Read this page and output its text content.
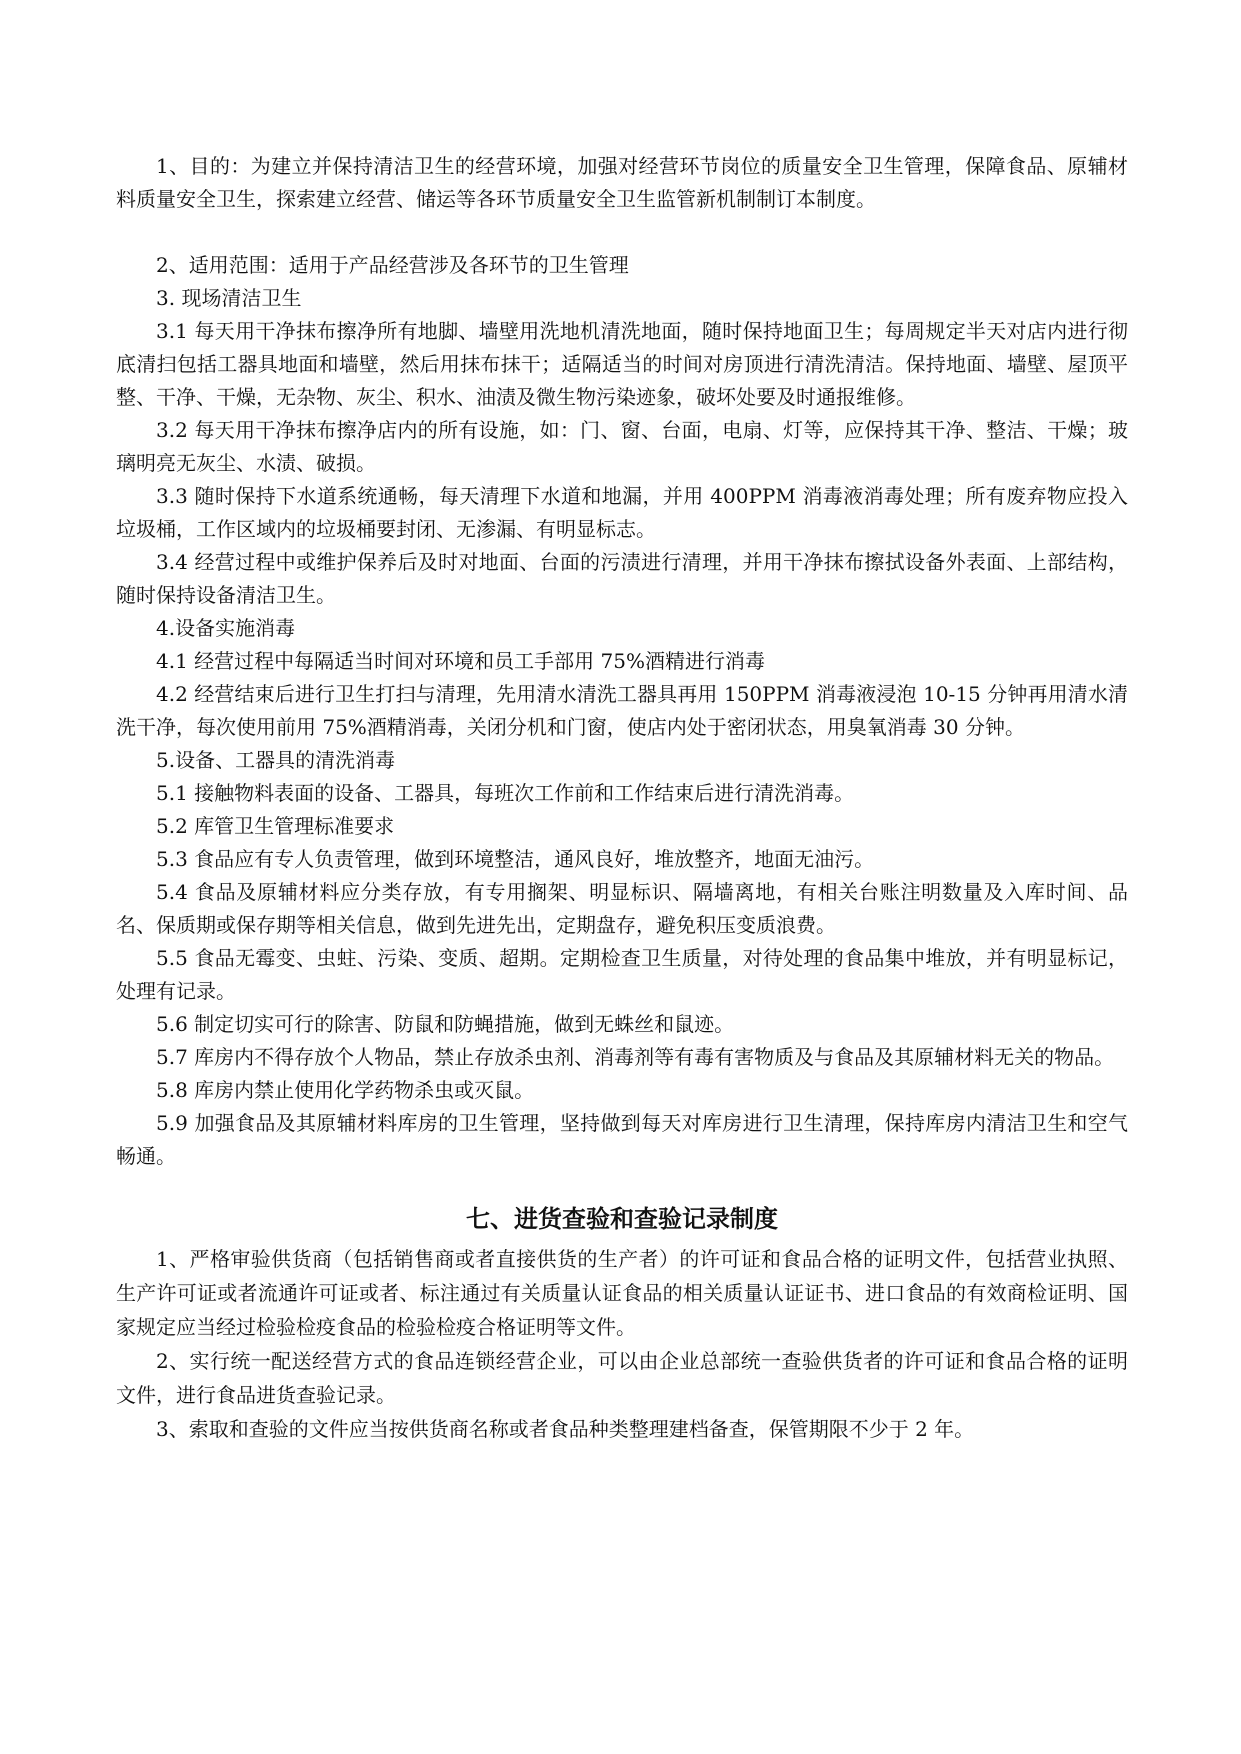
1、目的：为建立并保持清洁卫生的经营环境，加强对经营环节岗位的质量安全卫生管理，保障食品、原辅材料质量安全卫生，探索建立经营、储运等各环节质量安全卫生监管新机制制订本制度。

2、适用范围：适用于产品经营涉及各环节的卫生管理

3. 现场清洁卫生

3.1 每天用干净抹布擦净所有地脚、墙壁用洗地机清洗地面，随时保持地面卫生；每周规定半天对店内进行彻底清扫包括工器具地面和墙壁，然后用抹布抹干；适隔适当的时间对房顶进行清洗清洁。保持地面、墙壁、屋顶平整、干净、干燥，无杂物、灰尘、积水、油渍及微生物污染迹象，破坏处要及时通报维修。

3.2 每天用干净抹布擦净店内的所有设施，如：门、窗、台面，电扇、灯等，应保持其干净、整洁、干燥；玻璃明亮无灰尘、水渍、破损。

3.3 随时保持下水道系统通畅，每天清理下水道和地漏，并用 400PPM 消毒液消毒处理；所有废弃物应投入垃圾桶，工作区域内的垃圾桶要封闭、无渗漏、有明显标志。

3.4 经营过程中或维护保养后及时对地面、台面的污渍进行清理，并用干净抹布擦拭设备外表面、上部结构，随时保持设备清洁卫生。

4.设备实施消毒

4.1 经营过程中每隔适当时间对环境和员工手部用 75%酒精进行消毒

4.2 经营结束后进行卫生打扫与清理，先用清水清洗工器具再用 150PPM 消毒液浸泡 10-15 分钟再用清水清洗干净，每次使用前用 75%酒精消毒，关闭分机和门窗，使店内处于密闭状态，用臭氧消毒 30 分钟。

5.设备、工器具的清洗消毒

5.1 接触物料表面的设备、工器具，每班次工作前和工作结束后进行清洗消毒。

5.2 库管卫生管理标准要求

5.3 食品应有专人负责管理，做到环境整洁，通风良好，堆放整齐，地面无油污。

5.4 食品及原辅材料应分类存放，有专用搁架、明显标识、隔墙离地，有相关台账注明数量及入库时间、品名、保质期或保存期等相关信息，做到先进先出，定期盘存，避免积压变质浪费。

5.5 食品无霉变、虫蛀、污染、变质、超期。定期检查卫生质量，对待处理的食品集中堆放，并有明显标记，处理有记录。

5.6 制定切实可行的除害、防鼠和防蝇措施，做到无蛛丝和鼠迹。

5.7 库房内不得存放个人物品，禁止存放杀虫剂、消毒剂等有毒有害物质及与食品及其原辅材料无关的物品。

5.8 库房内禁止使用化学药物杀虫或灭鼠。

5.9 加强食品及其原辅材料库房的卫生管理，坚持做到每天对库房进行卫生清理，保持库房内清洁卫生和空气畅通。

七、进货查验和查验记录制度

1、严格审验供货商（包括销售商或者直接供货的生产者）的许可证和食品合格的证明文件，包括营业执照、生产许可证或者流通许可证或者、标注通过有关质量认证食品的相关质量认证证书、进口食品的有效商检证明、国家规定应当经过检验检疫食品的检验检疫合格证明等文件。

2、实行统一配送经营方式的食品连锁经营企业，可以由企业总部统一查验供货者的许可证和食品合格的证明文件，进行食品进货查验记录。

3、索取和查验的文件应当按供货商名称或者食品种类整理建档备查，保管期限不少于 2 年。
